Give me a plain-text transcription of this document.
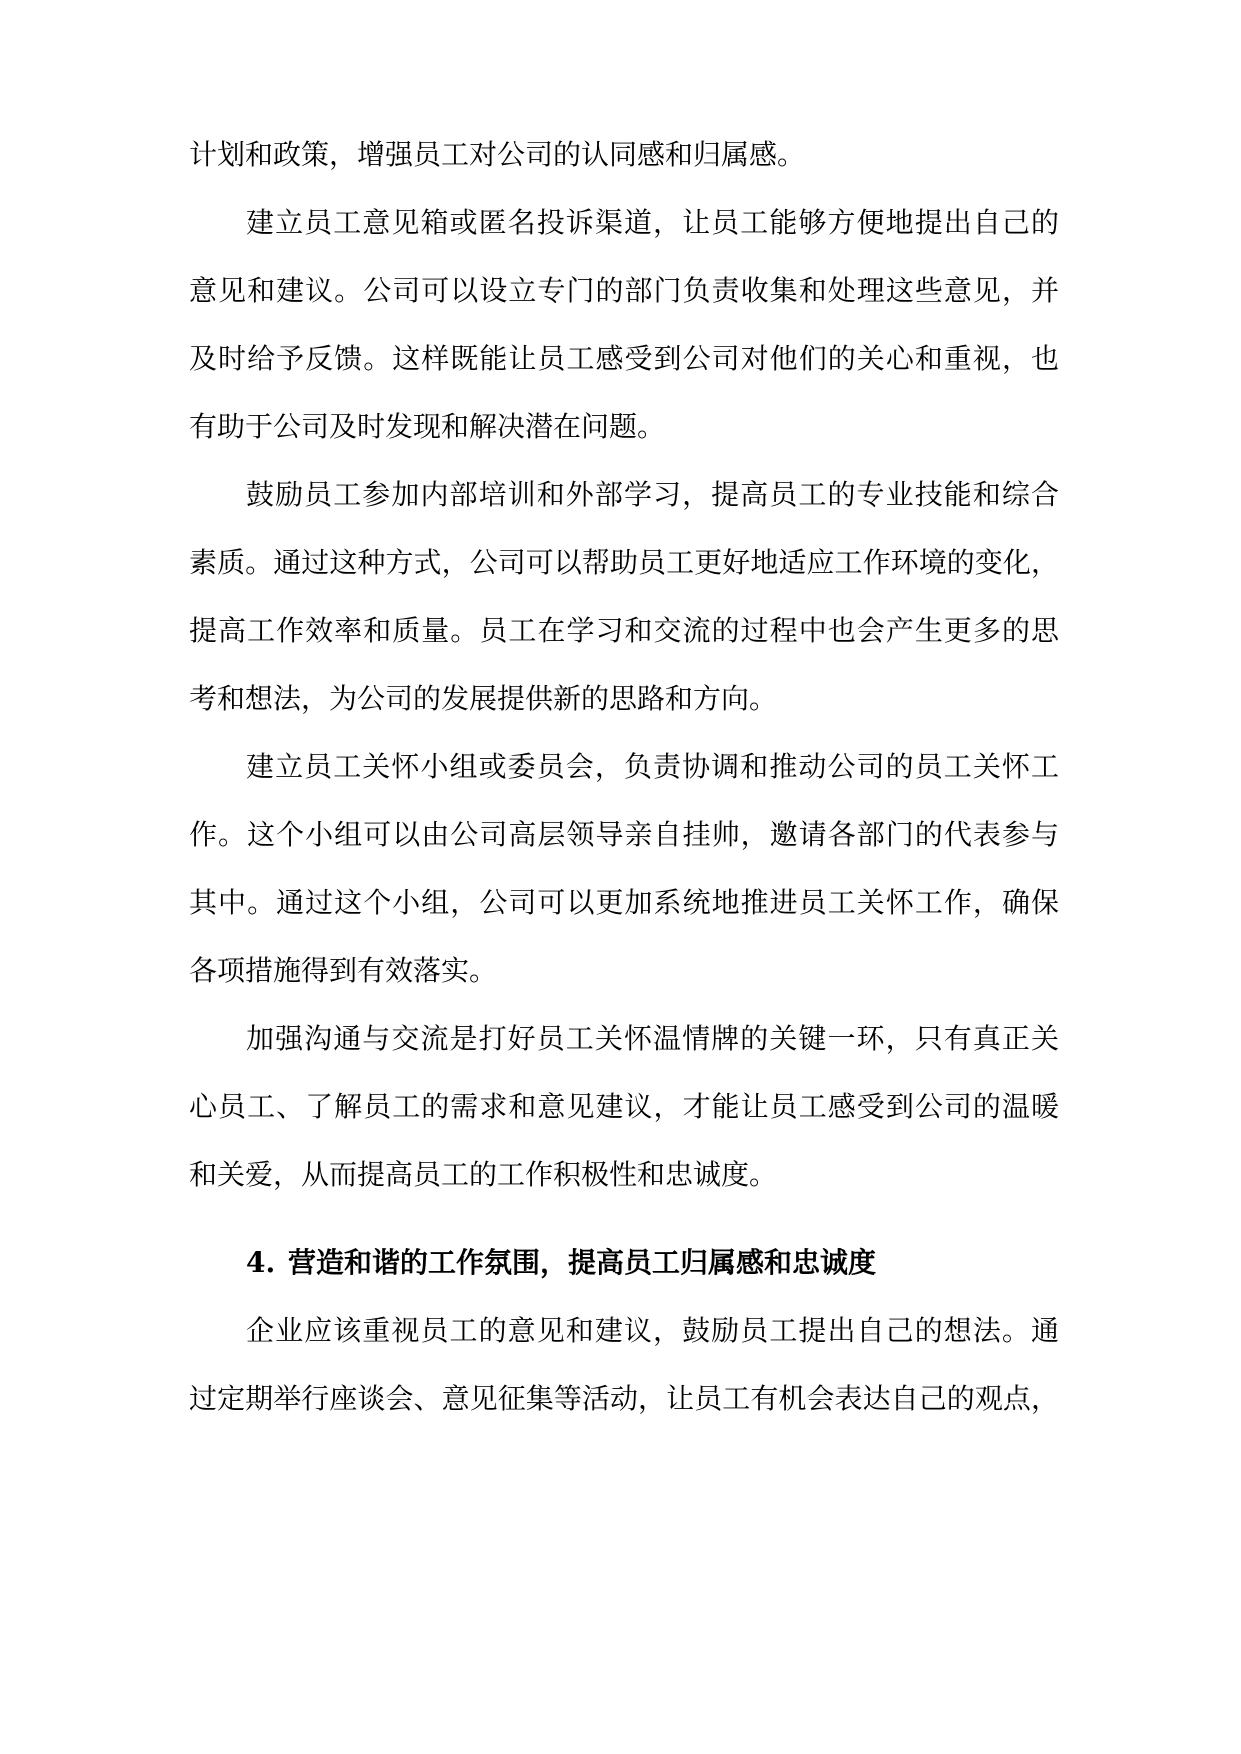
计划和政策，增强员工对公司的认同感和归属感。
建立员工意见箱或匿名投诉渠道，让员工能够方便地提出自己的
意见和建议。公司可以设立专门的部门负责收集和处理这些意见，并
及时给予反馈。这样既能让员工感受到公司对他们的关心和重视，也
有助于公司及时发现和解决潜在问题。
鼓励员工参加内部培训和外部学习，提高员工的专业技能和综合
素质。通过这种方式，公司可以帮助员工更好地适应工作环境的变化，
提高工作效率和质量。员工在学习和交流的过程中也会产生更多的思
考和想法，为公司的发展提供新的思路和方向。
建立员工关怀小组或委员会，负责协调和推动公司的员工关怀工
作。这个小组可以由公司高层领导亲自挂帅，邀请各部门的代表参与
其中。通过这个小组，公司可以更加系统地推进员工关怀工作，确保
各项措施得到有效落实。
加强沟通与交流是打好员工关怀温情牌的关键一环，只有真正关
心员工、了解员工的需求和意见建议，才能让员工感受到公司的温暖
和关爱，从而提高员工的工作积极性和忠诚度。
4. 营造和谐的工作氛围，提高员工归属感和忠诚度
企业应该重视员工的意见和建议，鼓励员工提出自己的想法。通
过定期举行座谈会、意见征集等活动，让员工有机会表达自己的观点，
